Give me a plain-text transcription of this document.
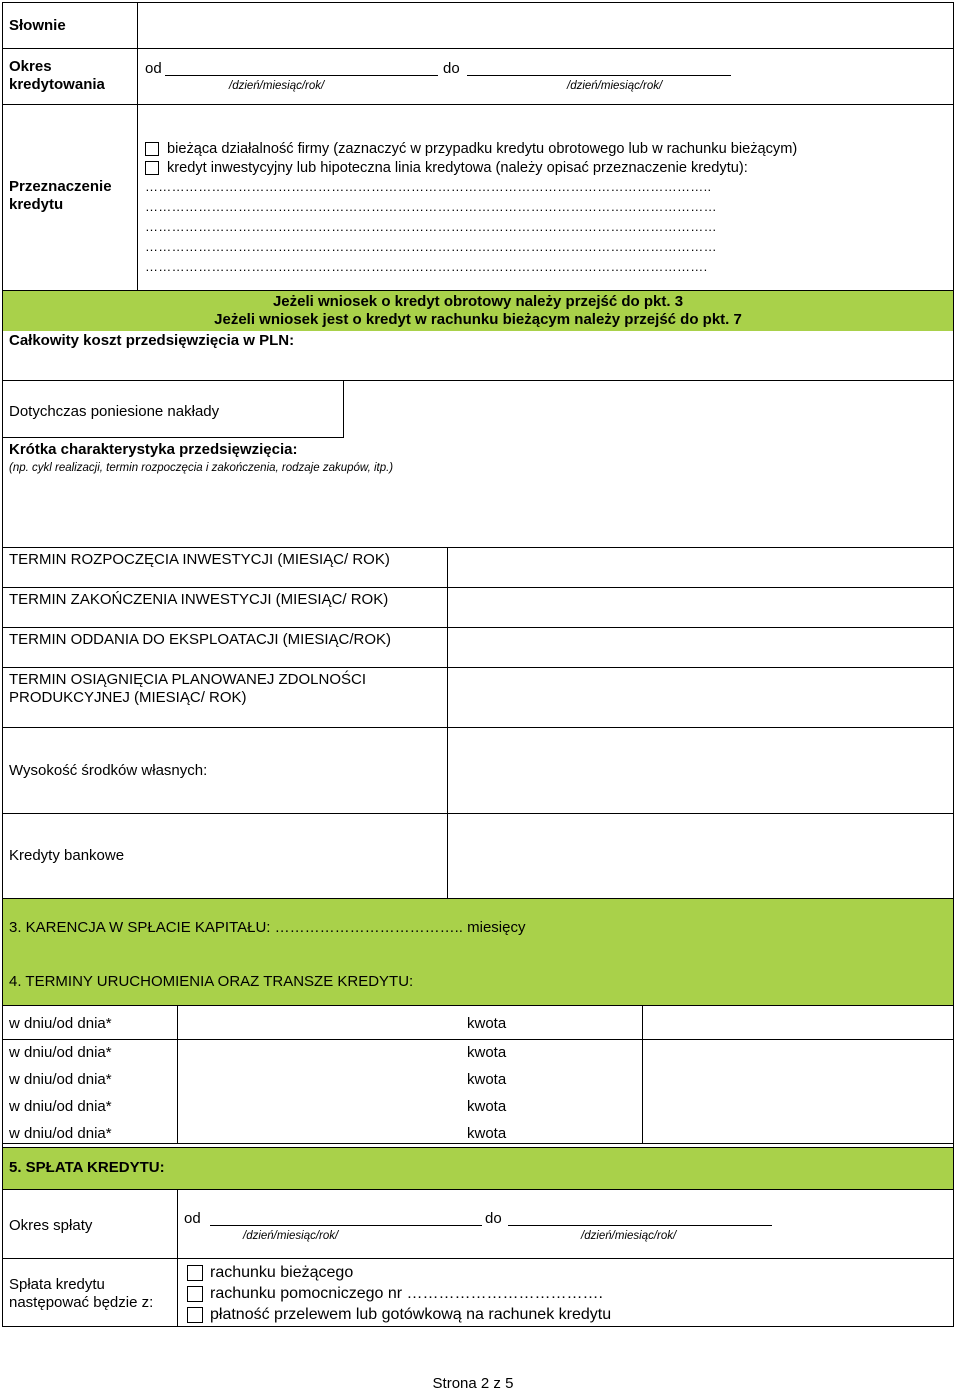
Słownie
Okres
kredytowania
od	do
/dzień/miesiąc/rok/	/dzień/miesiąc/rok/
Przeznaczenie
kredytu
bieżąca działalność firmy (zaznaczyć w przypadku kredytu obrotowego lub w rachunku bieżącym)
kredyt inwestycyjny lub hipoteczna linia kredytowa (należy opisać przeznaczenie kredytu):
………………………………………………………………………………………………………………..
…………………………………………………………………………………………………………………
…………………………………………………………………………………………………………………
…………………………………………………………………………………………………………………
……………………………………………………………………………………………………………….
Jeżeli wniosek o kredyt obrotowy należy przejść do pkt. 3
Jeżeli wniosek jest o kredyt w rachunku bieżącym należy przejść do pkt. 7
Całkowity koszt przedsięwzięcia w PLN:
Dotychczas poniesione nakłady
Krótka charakterystyka przedsięwzięcia:
(np. cykl realizacji, termin rozpoczęcia i zakończenia, rodzaje zakupów, itp.)
TERMIN ROZPOCZĘCIA INWESTYCJI (MIESIĄC/ ROK)
TERMIN ZAKOŃCZENIA INWESTYCJI (MIESIĄC/ ROK)
TERMIN ODDANIA DO EKSPLOATACJI (MIESIĄC/ROK)
TERMIN OSIĄGNIĘCIA PLANOWANEJ ZDOLNOŚCI
PRODUKCYJNEJ (MIESIĄC/ ROK)
Wysokość środków własnych:
Kredyty bankowe
3. KARENCJA W SPŁACIE KAPITAŁU: ……………………………….. miesięcy
4. TERMINY URUCHOMIENIA ORAZ TRANSZE KREDYTU:
w dniu/od dnia*	kwota
w dniu/od dnia*	kwota
w dniu/od dnia*	kwota
w dniu/od dnia*	kwota
w dniu/od dnia*	kwota
5. SPŁATA KREDYTU:
Okres spłaty	od	do
/dzień/miesiąc/rok/	/dzień/miesiąc/rok/
Spłata kredytu
następować będzie z:
rachunku bieżącego
rachunku pomocniczego nr ……………………………….
płatność przelewem lub gotówkową na rachunek kredytu
Strona 2 z 5
